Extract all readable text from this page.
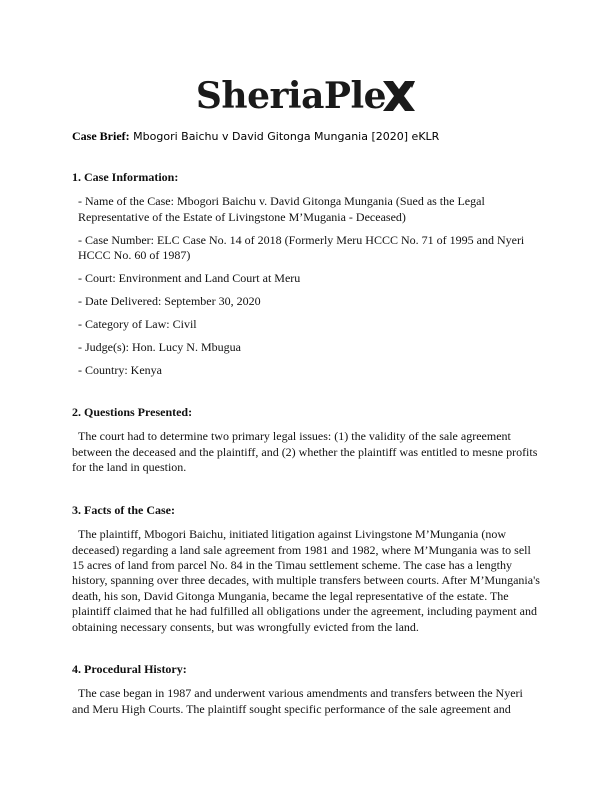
SheriaPle
Case Brief: Mbogori Baichu v David Gitonga Mungania [2020] eKLR
1. Case Information:

- Name of the Case: Mbogori Baichu v. David Gitonga Mungania (Sued as the Legal Representative of the Estate of Livingstone M’Mugania - Deceased)

- Case Number: ELC Case No. 14 of 2018 (Formerly Meru HCCC No. 71 of 1995 and Nyeri HCCC No. 60 of 1987)

- Court: Environment and Land Court at Meru

- Date Delivered: September 30, 2020

- Category of Law: Civil

- Judge(s): Hon. Lucy N. Mbugua

- Country: Kenya

2. Questions Presented:

The court had to determine two primary legal issues: (1) the validity of the sale agreement between the deceased and the plaintiff, and (2) whether the plaintiff was entitled to mesne profits for the land in question.

3. Facts of the Case:

The plaintiff, Mbogori Baichu, initiated litigation against Livingstone M’Mungania (now deceased) regarding a land sale agreement from 1981 and 1982, where M’Mungania was to sell 15 acres of land from parcel No. 84 in the Timau settlement scheme. The case has a lengthy history, spanning over three decades, with multiple transfers between courts. After M’Mungania's death, his son, David Gitonga Mungania, became the legal representative of the estate. The plaintiff claimed that he had fulfilled all obligations under the agreement, including payment and obtaining necessary consents, but was wrongfully evicted from the land.

4. Procedural History:

The case began in 1987 and underwent various amendments and transfers between the Nyeri and Meru High Courts. The plaintiff sought specific performance of the sale agreement and
